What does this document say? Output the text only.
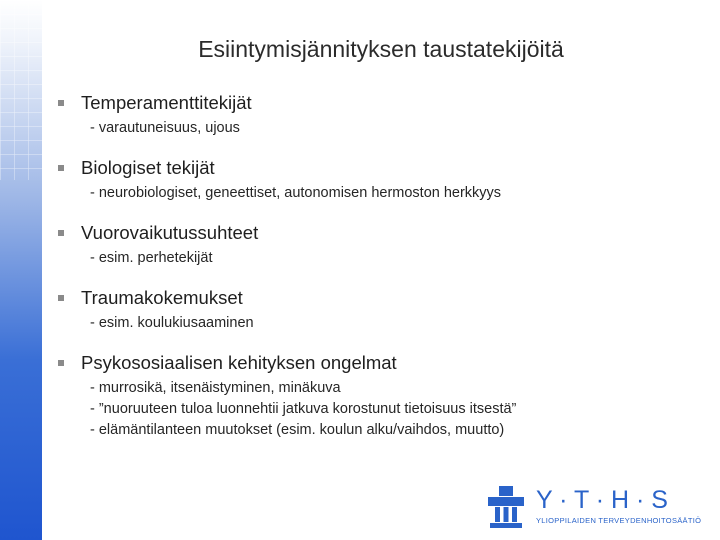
Esiintymisjännityksen taustatekijöitä
Temperamenttitekijät
- varautuneisuus, ujous
Biologiset tekijät
- neurobiologiset, geneettiset, autonomisen hermoston herkkyys
Vuorovaikutussuhteet
- esim. perhetekijät
Traumakokemukset
- esim. koulukiusaaminen
Psykososiaalisen kehityksen ongelmat
- murrosikä, itsenäistyminen, minäkuva
- ”nuoruuteen tuloa luonnehtii jatkuva korostunut tietoisuus itsestä”
- elämäntilanteen muutokset (esim. koulun alku/vaihdos, muutto)
Y · T · H · S
YLIOPPILAIDEN TERVEYDENHOITOSÄÄTIÖ
